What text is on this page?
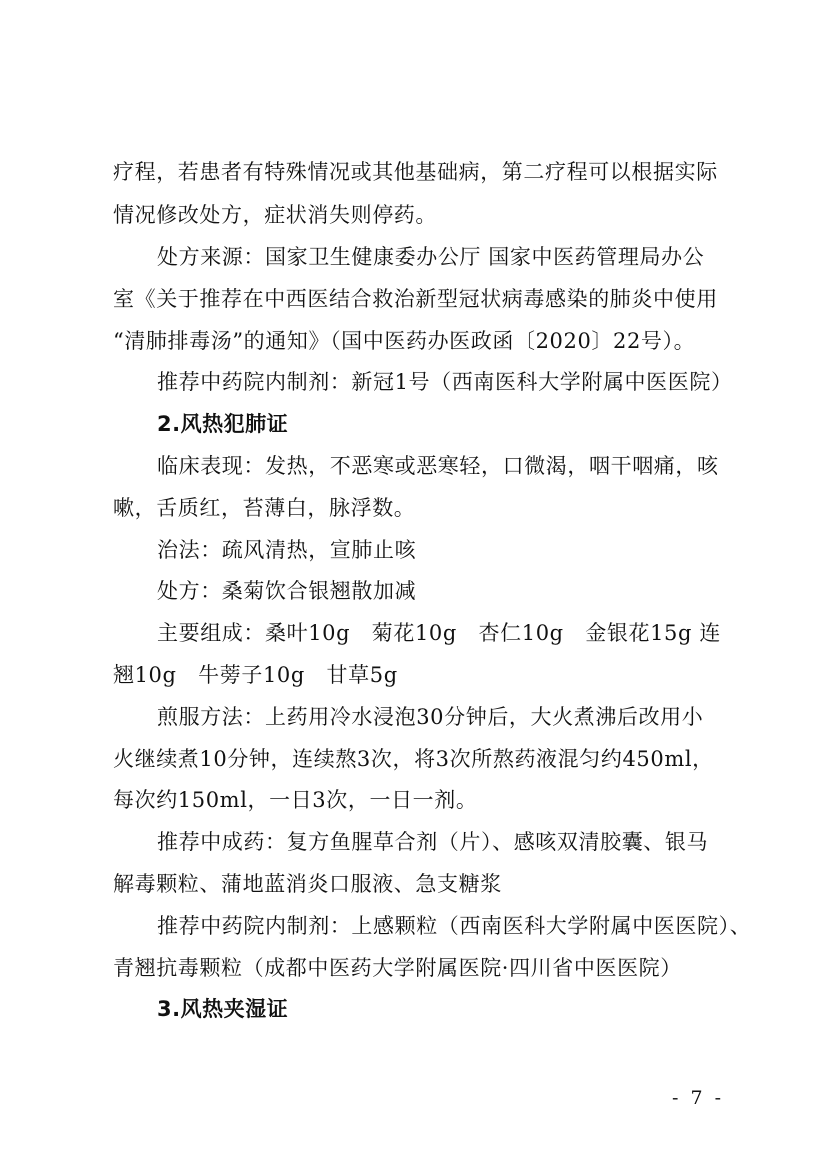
疗程，若患者有特殊情况或其他基础病，第二疗程可以根据实际
情况修改处方，症状消失则停药。
处方来源：国家卫生健康委办公厅 国家中医药管理局办公
室《关于推荐在中西医结合救治新型冠状病毒感染的肺炎中使用
“清肺排毒汤”的通知》（国中医药办医政函〔2020〕22号）。
推荐中药院内制剂：新冠1号（西南医科大学附属中医医院）
2.风热犯肺证
临床表现：发热，不恶寒或恶寒轻，口微渴，咽干咽痛，咳
嗽，舌质红，苔薄白，脉浮数。
治法：疏风清热，宣肺止咳
处方：桑菊饮合银翘散加减
主要组成：桑叶10g　菊花10g　杏仁10g　金银花15g 连
翘10g　牛蒡子10g　甘草5g
煎服方法：上药用冷水浸泡30分钟后，大火煮沸后改用小
火继续煮10分钟，连续熬3次，将3次所熬药液混匀约450ml，
每次约150ml，一日3次，一日一剂。
推荐中成药：复方鱼腥草合剂（片）、感咳双清胶囊、银马
解毒颗粒、蒲地蓝消炎口服液、急支糖浆
推荐中药院内制剂：上感颗粒（西南医科大学附属中医医院）、
青翘抗毒颗粒（成都中医药大学附属医院·四川省中医医院）
3.风热夹湿证
- 7 -
